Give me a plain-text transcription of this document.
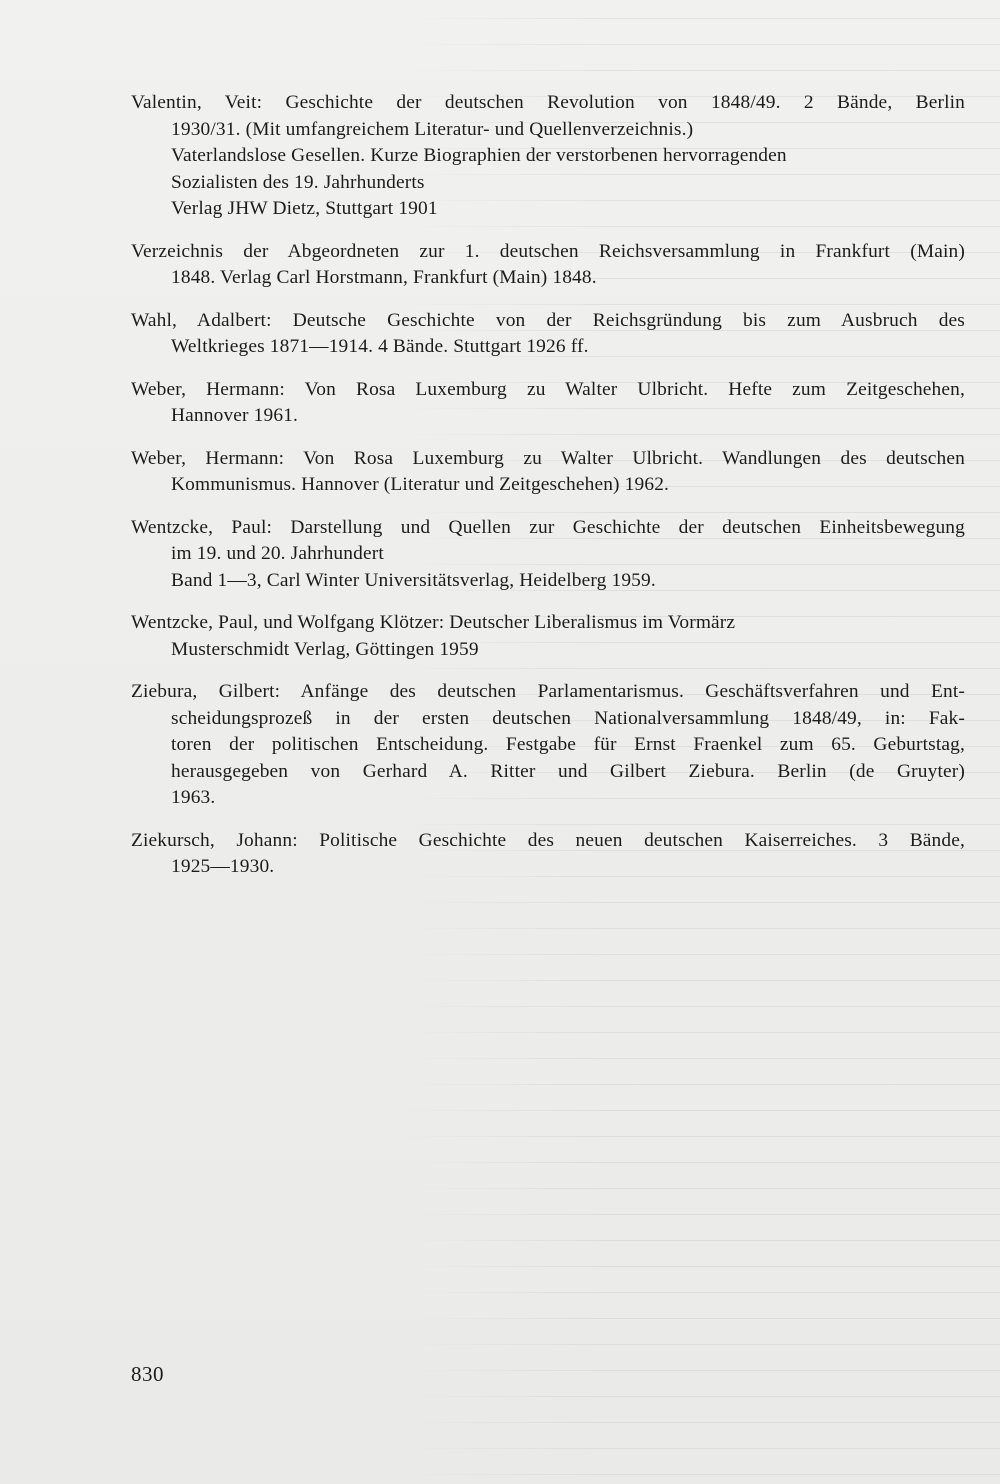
Valentin, Veit: Geschichte der deutschen Revolution von 1848/49. 2 Bände, Berlin
1930/31. (Mit umfangreichem Literatur- und Quellenverzeichnis.)
Vaterlandslose Gesellen. Kurze Biographien der verstorbenen hervorragenden
Sozialisten des 19. Jahrhunderts
Verlag JHW Dietz, Stuttgart 1901
Verzeichnis der Abgeordneten zur 1. deutschen Reichsversammlung in Frankfurt (Main)
1848. Verlag Carl Horstmann, Frankfurt (Main) 1848.
Wahl, Adalbert: Deutsche Geschichte von der Reichsgründung bis zum Ausbruch des
Weltkrieges 1871—1914. 4 Bände. Stuttgart 1926 ff.
Weber, Hermann: Von Rosa Luxemburg zu Walter Ulbricht. Hefte zum Zeitgeschehen,
Hannover 1961.
Weber, Hermann: Von Rosa Luxemburg zu Walter Ulbricht. Wandlungen des deutschen
Kommunismus. Hannover (Literatur und Zeitgeschehen) 1962.
Wentzcke, Paul: Darstellung und Quellen zur Geschichte der deutschen Einheitsbewegung
im 19. und 20. Jahrhundert
Band 1—3, Carl Winter Universitätsverlag, Heidelberg 1959.
Wentzcke, Paul, und Wolfgang Klötzer: Deutscher Liberalismus im Vormärz
Musterschmidt Verlag, Göttingen 1959
Ziebura, Gilbert: Anfänge des deutschen Parlamentarismus. Geschäftsverfahren und Ent-
scheidungsprozeß in der ersten deutschen Nationalversammlung 1848/49, in: Fak-
toren der politischen Entscheidung. Festgabe für Ernst Fraenkel zum 65. Geburtstag,
herausgegeben von Gerhard A. Ritter und Gilbert Ziebura. Berlin (de Gruyter)
1963.
Ziekursch, Johann: Politische Geschichte des neuen deutschen Kaiserreiches. 3 Bände,
1925—1930.
830
